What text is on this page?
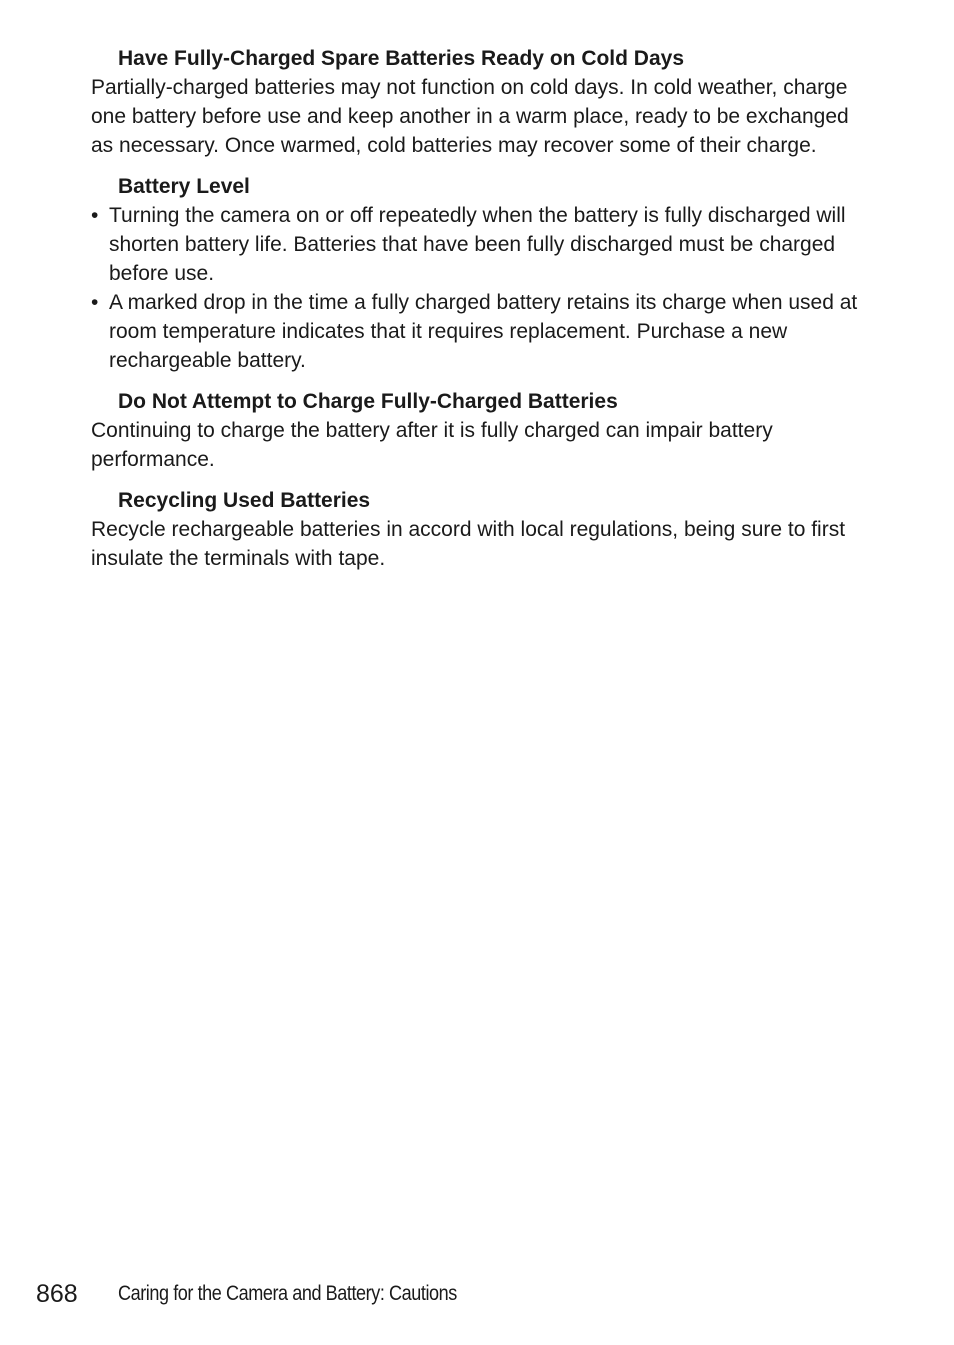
Have Fully-Charged Spare Batteries Ready on Cold Days

Partially-charged batteries may not function on cold days. In cold weather, charge one battery before use and keep another in a warm place, ready to be exchanged as necessary. Once warmed, cold batteries may recover some of their charge.

Battery Level

• Turning the camera on or off repeatedly when the battery is fully discharged will shorten battery life. Batteries that have been fully discharged must be charged before use.
• A marked drop in the time a fully charged battery retains its charge when used at room temperature indicates that it requires replacement. Purchase a new rechargeable battery.

Do Not Attempt to Charge Fully-Charged Batteries

Continuing to charge the battery after it is fully charged can impair battery performance.

Recycling Used Batteries

Recycle rechargeable batteries in accord with local regulations, being sure to first insulate the terminals with tape.

868	Caring for the Camera and Battery: Cautions
